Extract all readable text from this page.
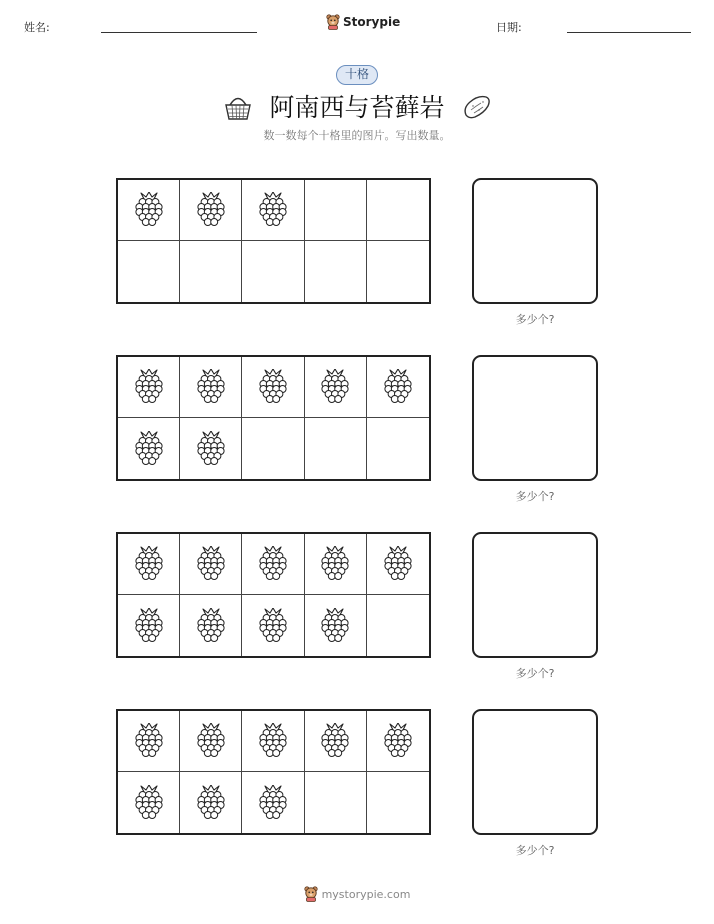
姓名:	Storypie	日期:
十格
阿南西与苔藓岩
数一数每个十格里的图片。写出数量。
多少个?
多少个?
多少个?
多少个?
mystorypie.com
